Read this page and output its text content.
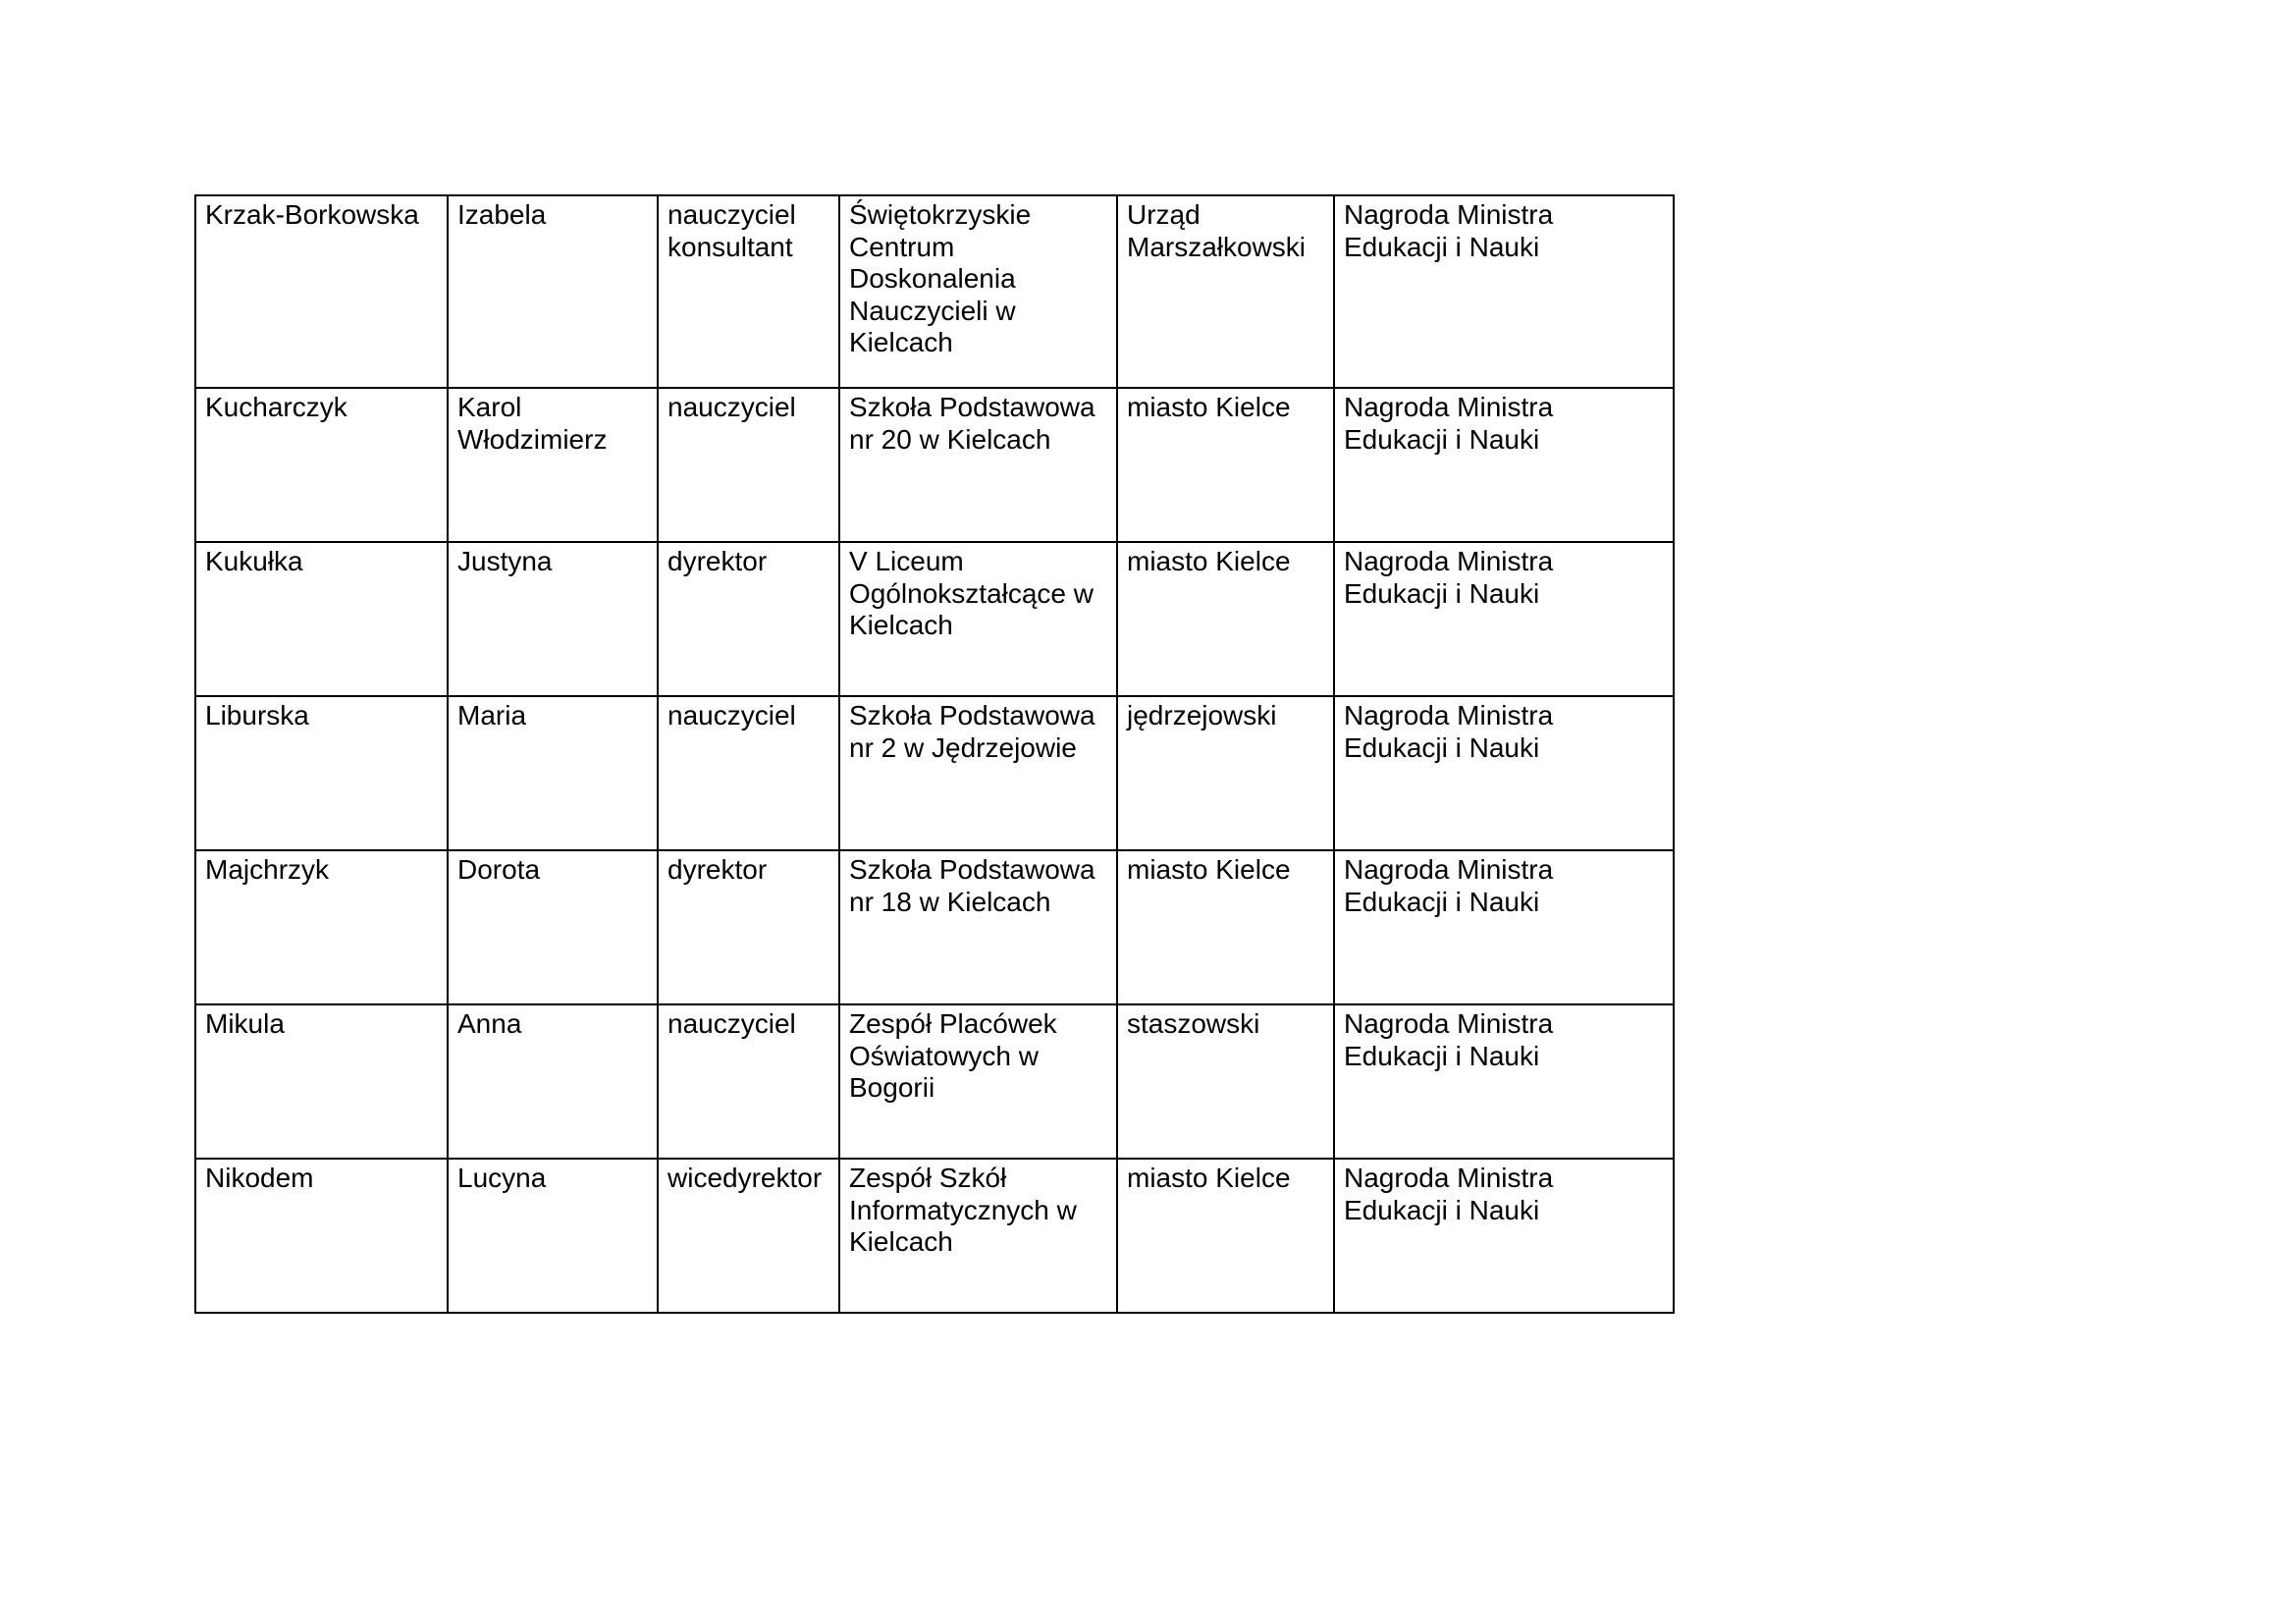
Krzak-Borkowska	Izabela	nauczyciel
konsultant	Świętokrzyskie
Centrum
Doskonalenia
Nauczycieli w
Kielcach	Urząd
Marszałkowski	Nagroda Ministra
Edukacji i Nauki

Kucharczyk	Karol
Włodzimierz	nauczyciel	Szkoła Podstawowa
nr 20 w Kielcach	miasto Kielce	Nagroda Ministra
Edukacji i Nauki

Kukułka	Justyna	dyrektor	V Liceum
Ogólnokształcące w
Kielcach	miasto Kielce	Nagroda Ministra
Edukacji i Nauki

Liburska	Maria	nauczyciel	Szkoła Podstawowa
nr 2 w Jędrzejowie	jędrzejowski	Nagroda Ministra
Edukacji i Nauki

Majchrzyk	Dorota	dyrektor	Szkoła Podstawowa
nr 18 w Kielcach	miasto Kielce	Nagroda Ministra
Edukacji i Nauki

Mikula	Anna	nauczyciel	Zespół Placówek
Oświatowych w
Bogorii	staszowski	Nagroda Ministra
Edukacji i Nauki

Nikodem	Lucyna	wicedyrektor	Zespół Szkół
Informatycznych w
Kielcach	miasto Kielce	Nagroda Ministra
Edukacji i Nauki
